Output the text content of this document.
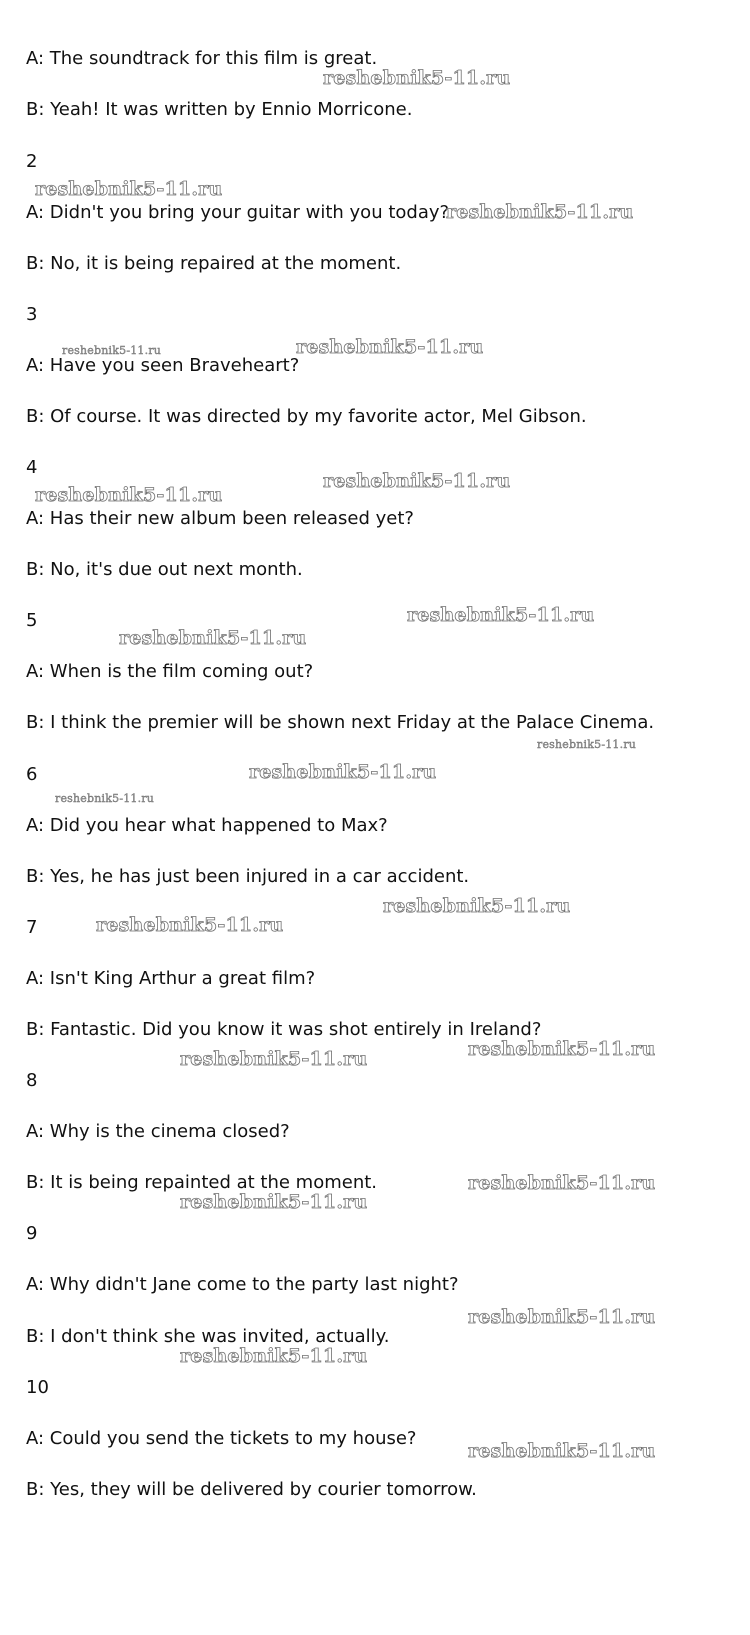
A: The soundtrack for this film is great.
B: Yeah! It was written by Ennio Morricone.
2
A: Didn't you bring your guitar with you today?
B: No, it is being repaired at the moment.
3
A: Have you seen Braveheart?
B: Of course. It was directed by my favorite actor, Mel Gibson.
4
A: Has their new album been released yet?
B: No, it's due out next month.
5
A: When is the film coming out?
B: I think the premier will be shown next Friday at the Palace Cinema.
6
A: Did you hear what happened to Max?
B: Yes, he has just been injured in a car accident.
7
A: Isn't King Arthur a great film?
B: Fantastic. Did you know it was shot entirely in Ireland?
8
A: Why is the cinema closed?
B: It is being repainted at the moment.
9
A: Why didn't Jane come to the party last night?
B: I don't think she was invited, actually.
10
A: Could you send the tickets to my house?
B: Yes, they will be delivered by courier tomorrow.
reshebnik5-11.ru
reshebnik5-11.ru
reshebnik5-11.ru
reshebnik5-11.ru	reshebnik5-11.ru
reshebnik5-11.ru
reshebnik5-11.ru
reshebnik5-11.ru
reshebnik5-11.ru
reshebnik5-11.ru
reshebnik5-11.ru
reshebnik5-11.ru
reshebnik5-11.ru
reshebnik5-11.ru
reshebnik5-11.ru
reshebnik5-11.ru
reshebnik5-11.ru
reshebnik5-11.ru
reshebnik5-11.ru
reshebnik5-11.ru
reshebnik5-11.ru
